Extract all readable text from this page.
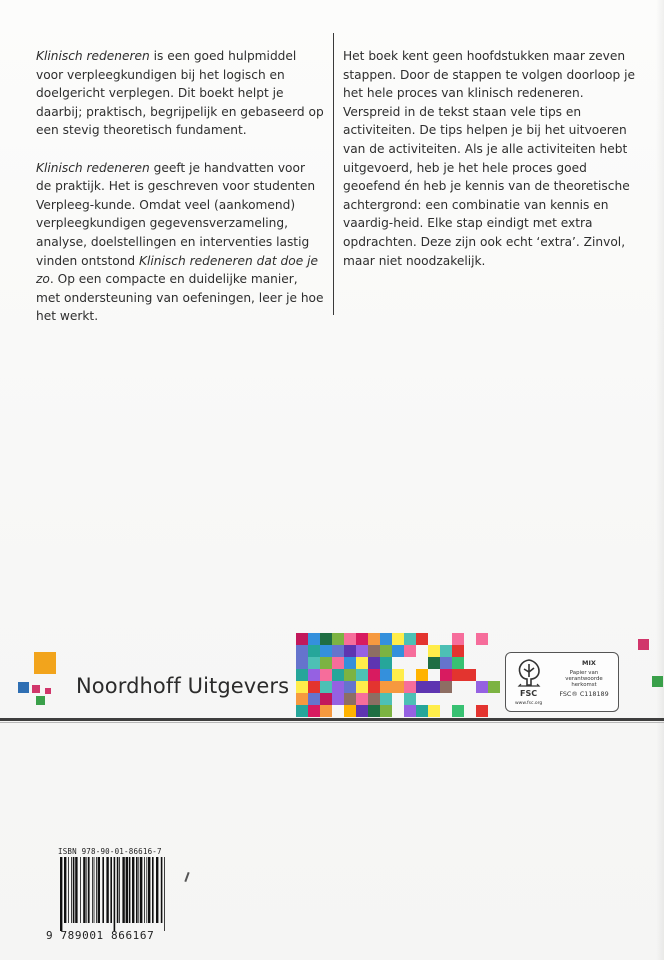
Klinisch redeneren is een goed hulpmiddel voor verpleegkundigen bij het logisch en doelgericht verplegen. Dit boekt helpt je daarbij; praktisch, begrijpelijk en gebaseerd op een stevig theoretisch fundament.

Klinisch redeneren geeft je handvatten voor de praktijk. Het is geschreven voor studenten Verpleeg-kunde. Omdat veel (aankomend) verpleegkundigen gegevensverzameling, analyse, doelstellingen en interventies lastig vinden ontstond Klinisch redeneren dat doe je zo. Op een compacte en duidelijke manier, met ondersteuning van oefeningen, leer je hoe het werkt.

Het boek kent geen hoofdstukken maar zeven stappen. Door de stappen te volgen doorloop je het hele proces van klinisch redeneren. Verspreid in de tekst staan vele tips en activiteiten. De tips helpen je bij het uitvoeren van de activiteiten. Als je alle activiteiten hebt uitgevoerd, heb je het hele proces goed geoefend én heb je kennis van de theoretische achtergrond: een combinatie van kennis en vaardig-heid. Elke stap eindigt met extra opdrachten. Deze zijn ook echt ‘extra’. Zinvol, maar niet noodzakelijk.

Noordhoff Uitgevers	FSC
www.fsc.org
MIX
Papier van
verantwoorde herkomst
FSC® C118189
ISBN 978-90-01-86616-7
9 789001 866167
